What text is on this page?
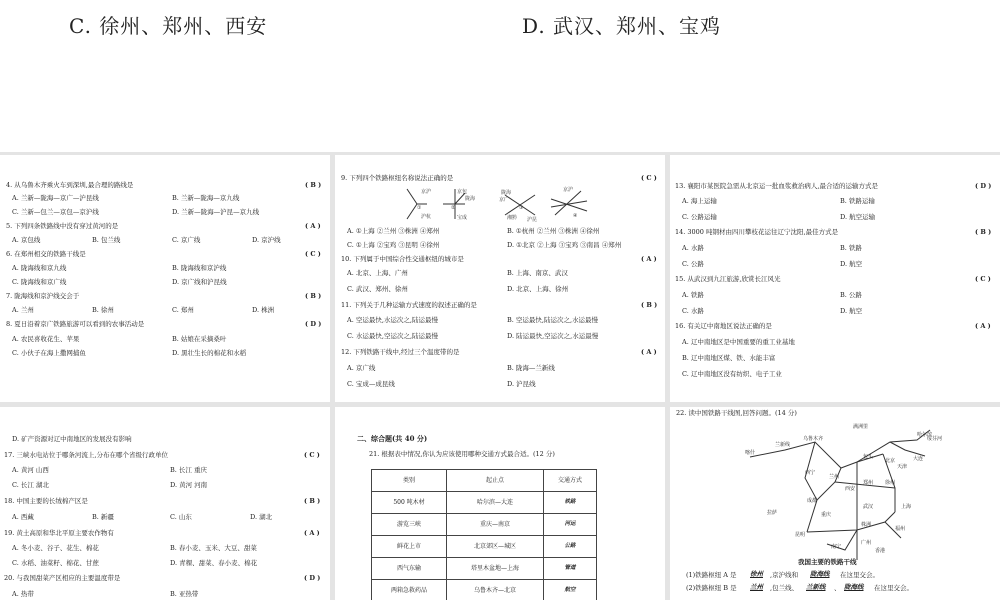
C. 徐州、郑州、西安	D. 武汉、郑州、宝鸡
4. 从乌鲁木齐乘火车到深圳,最合理的路线是	( B )
A. 兰新—陇海—京广—沪昆线	B. 兰新—陇海—京九线
C. 兰新—包兰—京包—京沪线	D. 兰新—陇海—沪昆—京九线
5. 下列四条铁路线中没有穿过黄河的是	( A )
A. 京包线	B. 包兰线	C. 京广线	D. 京沪线
6. 在郑州相交的铁路干线是	( C )
A. 陇海线和京九线	B. 陇海线和京沪线
C. 陇海线和京广线	D. 京广线和沪昆线
7. 陇海线和京沪线交会于	( B )
A. 兰州	B. 徐州	C. 郑州	D. 株洲
8. 夏日沿着京广铁路旅游可以看到的农事活动是	( D )
A. 农民喜收花生、苹果	B. 姑娘在采摘桑叶
C. 小伙子在海上撒网捕鱼	D. 黑壮生长的棉花和水稻
9. 下列四个铁路枢纽名称说法正确的是	( C )
京沪
沪杭
①
京包
陇海
②
宝成
陇海
京广
湘黔 沪昆
③
京沪
④
A. ①上海 ②兰州 ③株洲 ④郑州	B. ①杭州 ②兰州 ③株洲 ④徐州
C. ①上海 ②宝鸡 ③昆明 ④徐州	D. ①北京 ②上海 ③宝鸡 ③南昌 ④郑州
10. 下列属于中国综合性交通枢纽的城市是	( A )
A. 北京、上海、广州	B. 上海、南京、武汉
C. 武汉、郑州、徐州	D. 北京、上海、徐州
11. 下列关于几种运输方式速度的叙述正确的是	( B )
A. 空运最快,水运次之,陆运最慢	B. 空运最快,陆运次之,水运最慢
C. 水运最快,空运次之,陆运最慢	D. 陆运最快,空运次之,水运最慢
12. 下列铁路干线中,经过三个温度带的是	( A )
A. 京广线	B. 陇海—兰新线
C. 宝成—成昆线	D. 沪昆线
13. 襄阳市某医院急需从北京运一批血浆救治病人,最合适的运输方式是	( D )
A. 海上运输	B. 铁路运输
C. 公路运输	D. 航空运输
14. 3000 吨钢材由四川攀枝花运往辽宁沈阳,最佳方式是	( B )
A. 水路	B. 铁路
C. 公路	D. 航空
15. 从武汉到九江旅游,欣赏长江风光	( C )
A. 铁路	B. 公路
C. 水路	D. 航空
16. 有关辽中南地区说法正确的是	( A )
A. 辽中南地区是中国重要的重工业基地
B. 辽中南地区煤、铁、水能丰富
C. 辽中南地区没有纺织、电子工业
D. 矿产资源对辽中南地区的发展没有影响
17. 三峡水电站位于哪条河流上,分布在哪个省级行政单位	( C )
A. 黄河 山西	B. 长江 重庆
C. 长江 湖北	D. 黄河 河南
18. 中国主要的长绒棉产区是	( B )
A. 西藏	B. 新疆	C. 山东	D. 湖北
19. 黄土高原和华北平原主要农作物有	( A )
A. 冬小麦、谷子、花生、棉花	B. 春小麦、玉米、大豆、甜菜
C. 水稻、油菜籽、棉花、甘蔗	D. 青稞、甜菜、春小麦、棉花
20. 与我国甜菜产区相应的主要温度带是	( D )
A. 热带	B. 亚热带
二、综合题(共 40 分)
21. 根据表中情况,你认为应该使用哪种交通方式最合适。(12 分)
类别	起止点	交通方式
500 吨木材	哈尔滨—大连	铁路
游览三峡	重庆—南京	河运
鲜花上市	北京郊区—城区	公路
西气东输	塔里木盆地—上海	管道
两箱急救药品	乌鲁木齐—北京	航空
22. 读中国铁路干线图,回答问题。(14 分)
哈尔滨
满洲里
绥芬河
乌鲁木齐
喀什
兰新线
包头
北京
天津
大连
兰州
西安
郑州 徐州
上海
成都
重庆
武汉
株洲
昆明
广州
香港
南宁
拉萨
西宁
福州
我国主要的铁路干线
(1)铁路枢纽 A 是 徐州 ,京沪线和 陇海线 在这里交会。
(2)铁路枢纽 B 是 兰州 ,包兰线、 兰新线 、 陇海线 在这里交会。
